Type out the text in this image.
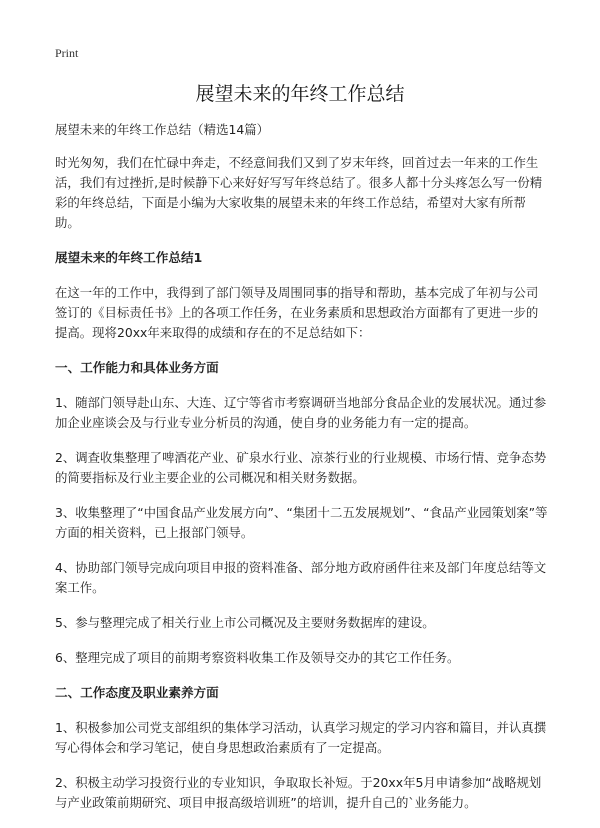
Print
展望未来的年终工作总结

展望未来的年终工作总结（精选14篇）

时光匆匆，我们在忙碌中奔走，不经意间我们又到了岁末年终，回首过去一年来的工作生活，我们有过挫折,是时候静下心来好好写写年终总结了。很多人都十分头疼怎么写一份精彩的年终总结，下面是小编为大家收集的展望未来的年终工作总结，希望对大家有所帮助。

展望未来的年终工作总结1

在这一年的工作中，我得到了部门领导及周围同事的指导和帮助，基本完成了年初与公司签订的《目标责任书》上的各项工作任务，在业务素质和思想政治方面都有了更进一步的提高。现将20xx年来取得的成绩和存在的不足总结如下：

一、工作能力和具体业务方面

1、随部门领导赴山东、大连、辽宁等省市考察调研当地部分食品企业的发展状况。通过参加企业座谈会及与行业专业分析员的沟通，使自身的业务能力有一定的提高。

2、调查收集整理了啤酒花产业、矿泉水行业、凉茶行业的行业规模、市场行情、竞争态势的简要指标及行业主要企业的公司概况和相关财务数据。

3、收集整理了“中国食品产业发展方向”、“集团十二五发展规划”、“食品产业园策划案”等方面的相关资料，已上报部门领导。

4、协助部门领导完成向项目申报的资料准备、部分地方政府函件往来及部门年度总结等文案工作。

5、参与整理完成了相关行业上市公司概况及主要财务数据库的建设。

6、整理完成了项目的前期考察资料收集工作及领导交办的其它工作任务。

二、工作态度及职业素养方面

1、积极参加公司党支部组织的集体学习活动，认真学习规定的学习内容和篇目，并认真撰写心得体会和学习笔记，使自身思想政治素质有了一定提高。

2、积极主动学习投资行业的专业知识，争取取长补短。于20xx年5月申请参加“战略规划与产业政策前期研究、项目申报高级培训班”的培训，提升自己的`业务能力。
